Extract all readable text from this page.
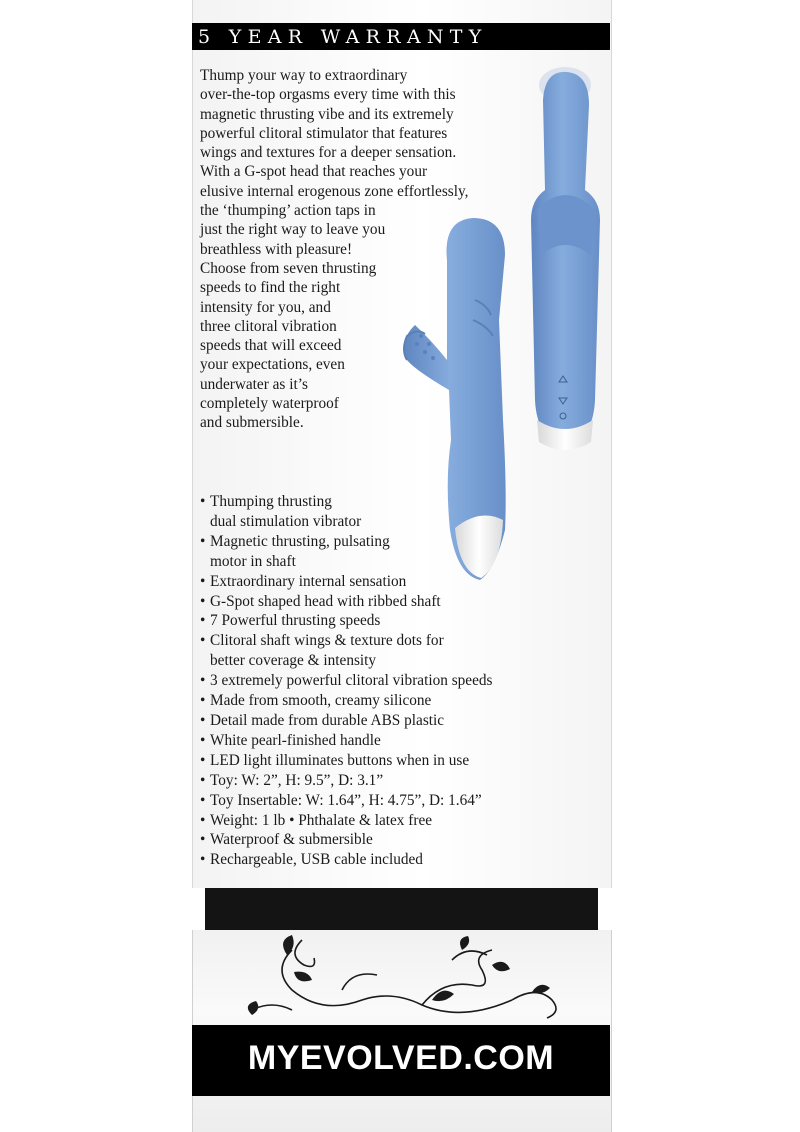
5 YEAR WARRANTY
Thump your way to extraordinary
over-the-top orgasms every time with this
magnetic thrusting vibe and its extremely
powerful clitoral stimulator that features
wings and textures for a deeper sensation.
With a G-spot head that reaches your
elusive internal erogenous zone effortlessly,
the ‘thumping’ action taps in
just the right way to leave you
breathless with pleasure!
Choose from seven thrusting
speeds to find the right
intensity for you, and
three clitoral vibration
speeds that will exceed
your expectations, even
underwater as it’s
completely waterproof
and submersible.
• Thumping thrusting
dual stimulation vibrator
• Magnetic thrusting, pulsating
motor in shaft
• Extraordinary internal sensation
• G-Spot shaped head with ribbed shaft
• 7 Powerful thrusting speeds
• Clitoral shaft wings & texture dots for
better coverage & intensity
• 3 extremely powerful clitoral vibration speeds
• Made from smooth, creamy silicone
• Detail made from durable ABS plastic
• White pearl-finished handle
• LED light illuminates buttons when in use
• Toy: W: 2”, H: 9.5”, D: 3.1”
• Toy Insertable: W: 1.64”, H: 4.75”, D: 1.64”
• Weight: 1 lb • Phthalate & latex free
• Waterproof & submersible
• Rechargeable, USB cable included
MYEVOLVED.COM
